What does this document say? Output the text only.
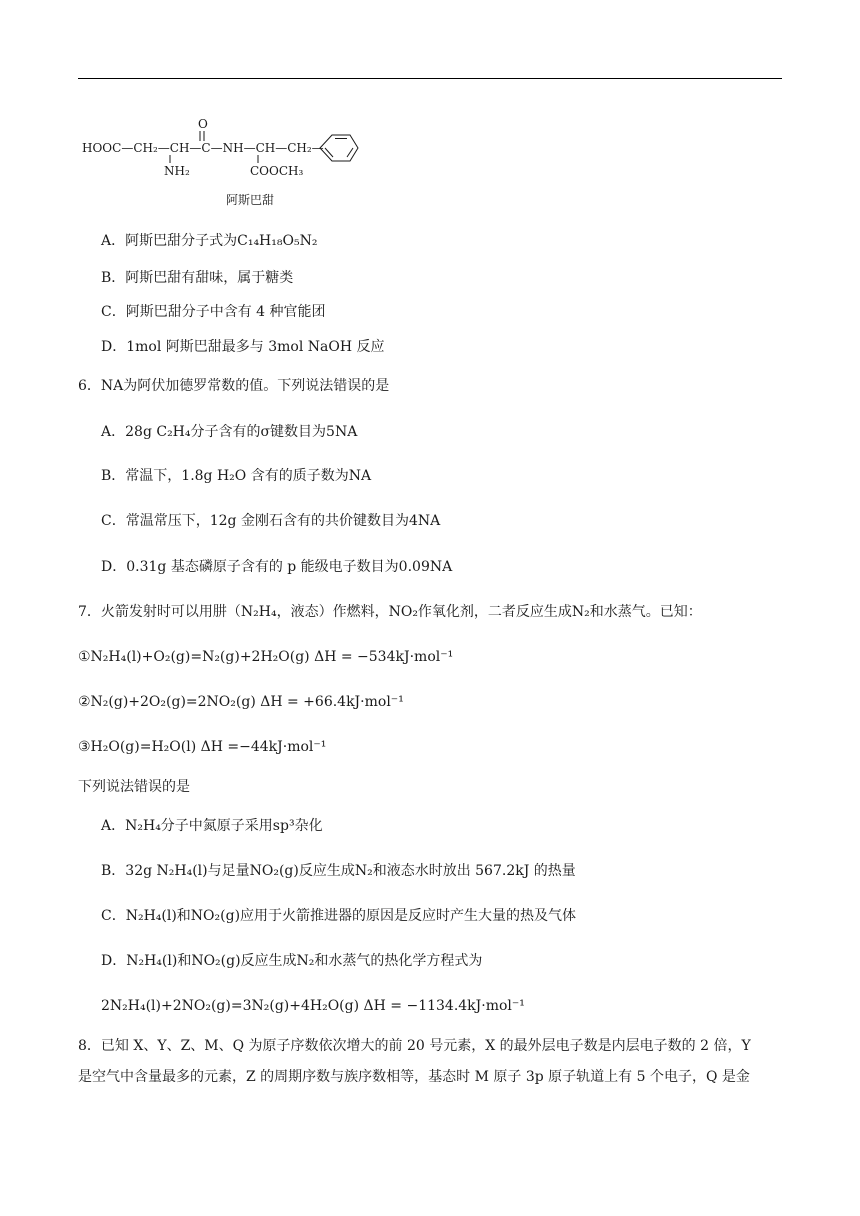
HOOC—CH₂—CH—C—NH—CH—CH₂—
O
NH₂	COOCH₃
阿斯巴甜
A．阿斯巴甜分子式为C₁₄H₁₈O₅N₂
B．阿斯巴甜有甜味，属于糖类
C．阿斯巴甜分子中含有 4 种官能团
D．1mol 阿斯巴甜最多与 3mol NaOH 反应
6．NA为阿伏加德罗常数的值。下列说法错误的是
A．28g C₂H₄分子含有的σ键数目为5NA
B．常温下，1.8g H₂O 含有的质子数为NA
C．常温常压下，12g 金刚石含有的共价键数目为4NA
D．0.31g 基态磷原子含有的 p 能级电子数目为0.09NA
7．火箭发射时可以用肼（N₂H₄，液态）作燃料，NO₂作氧化剂，二者反应生成N₂和水蒸气。已知：
①N₂H₄(l)+O₂(g)=N₂(g)+2H₂O(g) ΔH = −534kJ·mol⁻¹
②N₂(g)+2O₂(g)=2NO₂(g) ΔH = +66.4kJ·mol⁻¹
③H₂O(g)=H₂O(l) ΔH =−44kJ·mol⁻¹
下列说法错误的是
A．N₂H₄分子中氮原子采用sp³杂化
B．32g N₂H₄(l)与足量NO₂(g)反应生成N₂和液态水时放出 567.2kJ 的热量
C．N₂H₄(l)和NO₂(g)应用于火箭推进器的原因是反应时产生大量的热及气体
D．N₂H₄(l)和NO₂(g)反应生成N₂和水蒸气的热化学方程式为
2N₂H₄(l)+2NO₂(g)=3N₂(g)+4H₂O(g) ΔH = −1134.4kJ·mol⁻¹
8．已知 X、Y、Z、M、Q 为原子序数依次增大的前 20 号元素，X 的最外层电子数是内层电子数的 2 倍，Y
是空气中含量最多的元素，Z 的周期序数与族序数相等，基态时 M 原子 3p 原子轨道上有 5 个电子，Q 是金
